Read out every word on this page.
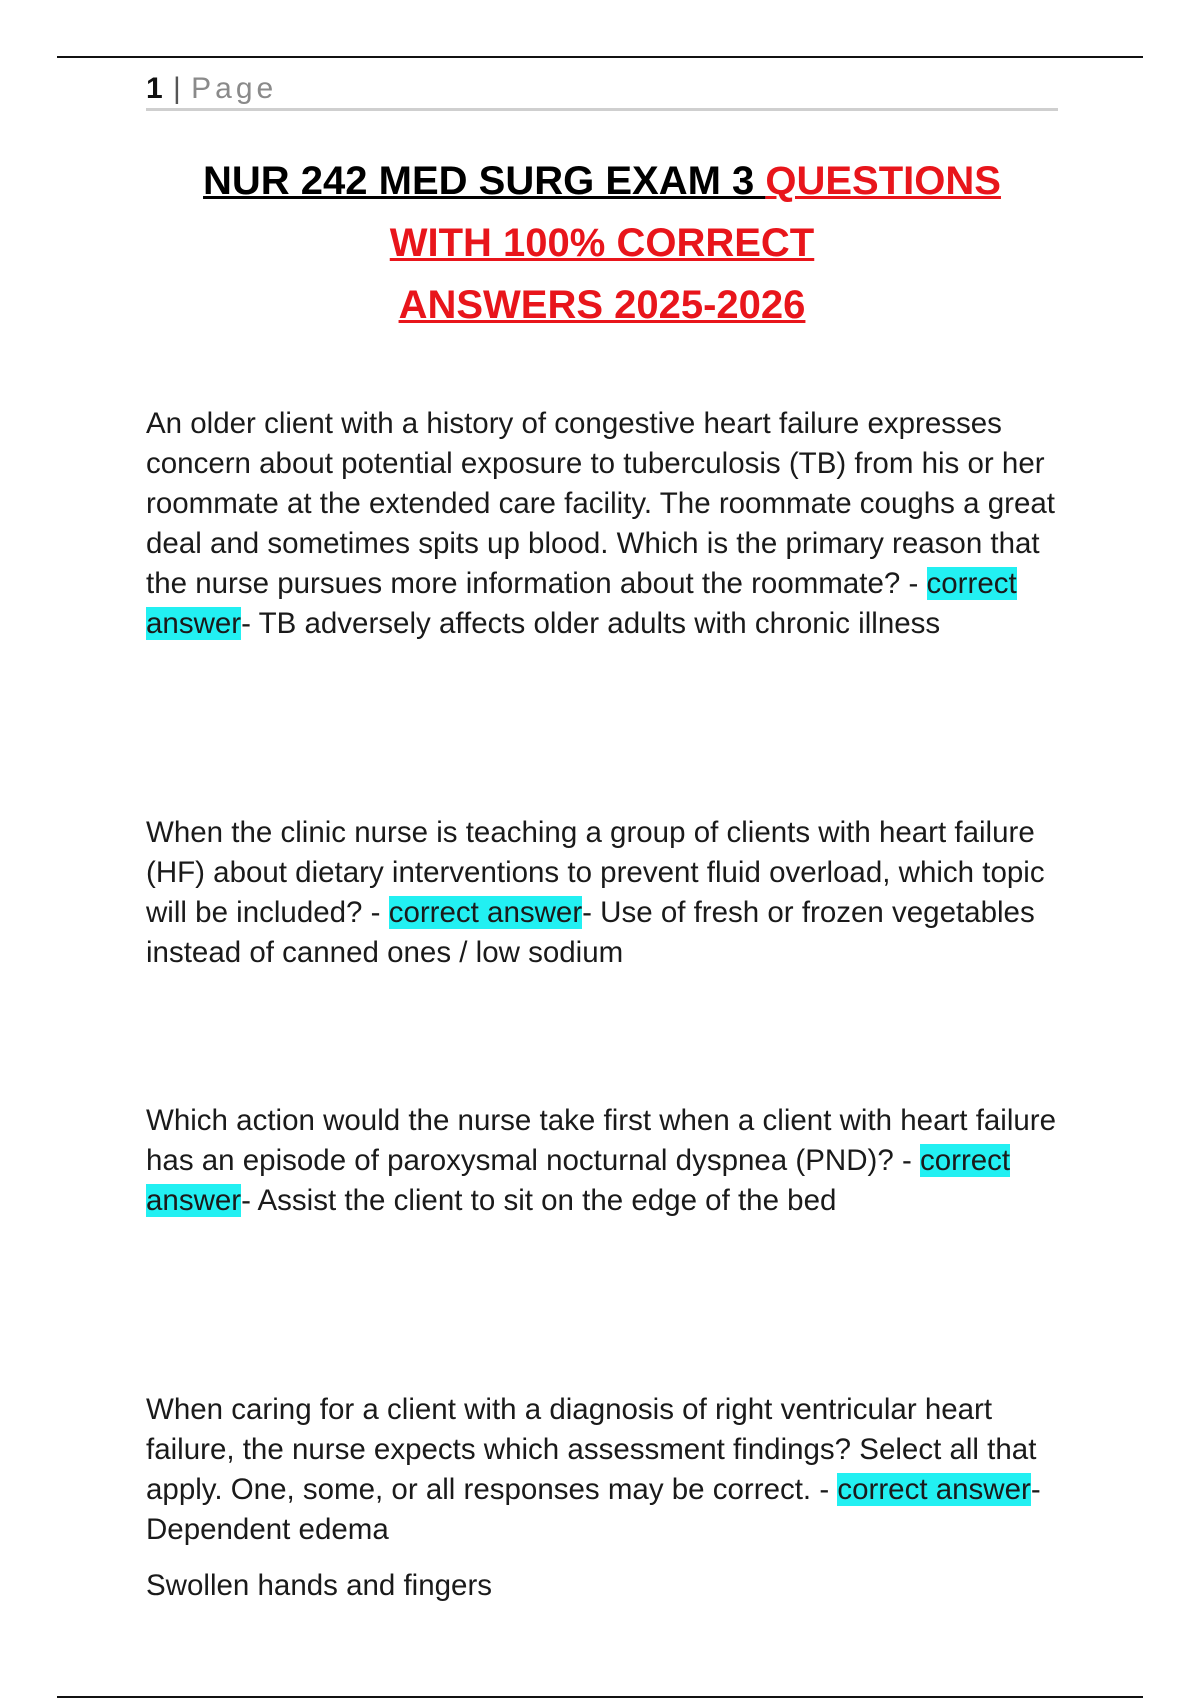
1 | Page
NUR 242 MED SURG EXAM 3 QUESTIONS
WITH 100% CORRECT
ANSWERS 2025-2026
An older client with a history of congestive heart failure expresses concern about potential exposure to tuberculosis (TB) from his or her roommate at the extended care facility. The roommate coughs a great deal and sometimes spits up blood. Which is the primary reason that the nurse pursues more information about the roommate? - correct answer- TB adversely affects older adults with chronic illness
When the clinic nurse is teaching a group of clients with heart failure (HF) about dietary interventions to prevent fluid overload, which topic will be included? - correct answer- Use of fresh or frozen vegetables instead of canned ones / low sodium
Which action would the nurse take first when a client with heart failure has an episode of paroxysmal nocturnal dyspnea (PND)? - correct answer- Assist the client to sit on the edge of the bed
When caring for a client with a diagnosis of right ventricular heart failure, the nurse expects which assessment findings? Select all that apply. One, some, or all responses may be correct. - correct answer- Dependent edema
Swollen hands and fingers
